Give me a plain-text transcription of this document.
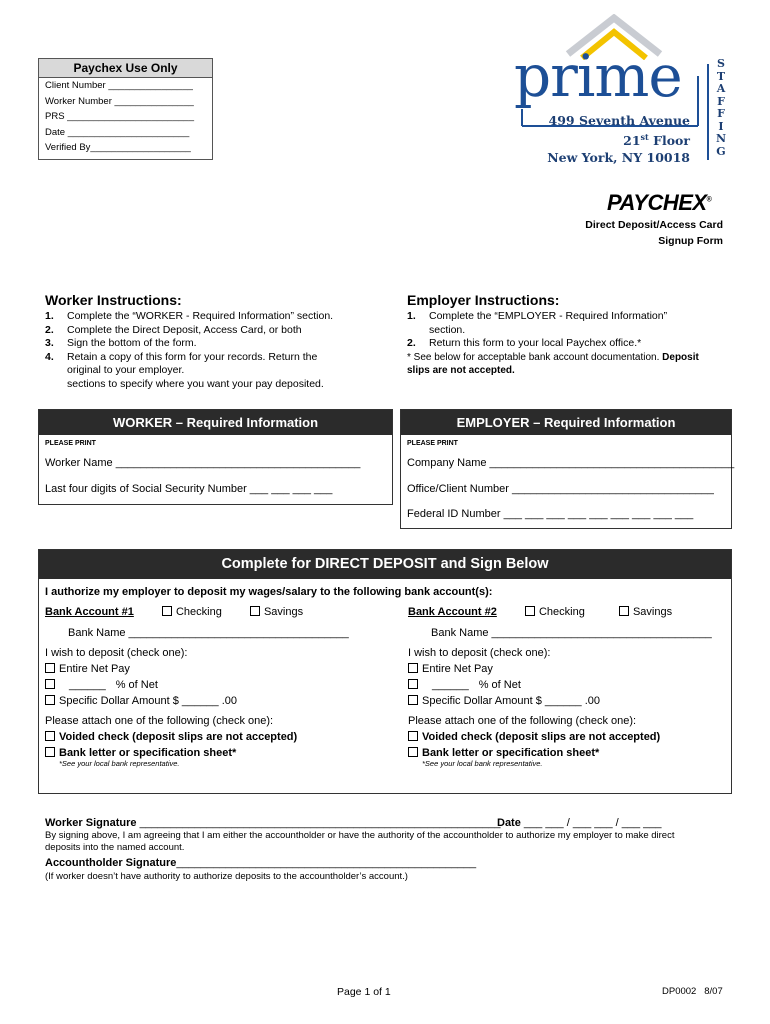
Paychex Use Only
Client Number ________________
Worker Number _______________
PRS ________________________
Date _______________________
Verified By___________________
prime
499 Seventh Avenue
21st Floor
New York, NY 10018
S
T
A
F
F
I
N
G
PAYCHEX®
Direct Deposit/Access Card
Signup Form
Worker Instructions:
1. Complete the “WORKER - Required Information” section.
2. Complete the Direct Deposit, Access Card, or both
3. Sign the bottom of the form.
4. Retain a copy of this form for your records. Return the
original to your employer.
sections to specify where you want your pay deposited.
Employer Instructions:
1. Complete the “EMPLOYER - Required Information”
section.
2. Return this form to your local Paychex office.*
* See below for acceptable bank account documentation. Deposit
slips are not accepted.
WORKER – Required Information
PLEASE PRINT
Worker Name ________________________________________
Last four digits of Social Security Number ___ ___ ___ ___
EMPLOYER – Required Information
PLEASE PRINT
Company Name ________________________________________
Office/Client Number _________________________________
Federal ID Number ___ ___ ___ ___ ___ ___ ___ ___ ___
Complete for DIRECT DEPOSIT and Sign Below
I authorize my employer to deposit my wages/salary to the following bank account(s):
Bank Account #1	Checking	Savings
Bank Name ____________________________________
I wish to deposit (check one):
Entire Net Pay
______ % of Net
Specific Dollar Amount $ ______ .00
Please attach one of the following (check one):
Voided check (deposit slips are not accepted)
Bank letter or specification sheet*
*See your local bank representative.
Bank Account #2	Checking	Savings
Bank Name ____________________________________
I wish to deposit (check one):
Entire Net Pay
______ % of Net
Specific Dollar Amount $ ______ .00
Please attach one of the following (check one):
Voided check (deposit slips are not accepted)
Bank letter or specification sheet*
*See your local bank representative.
Worker Signature ___________________________________________________________
Date ___ ___ / ___ ___ / ___ ___
By signing above, I am agreeing that I am either the accountholder or have the authority of the accountholder to authorize my employer to make direct
deposits into the named account.
Accountholder Signature_________________________________________________
(If worker doesn’t have authority to authorize deposits to the accountholder’s account.)
Page 1 of 1	DP0002   8/07
